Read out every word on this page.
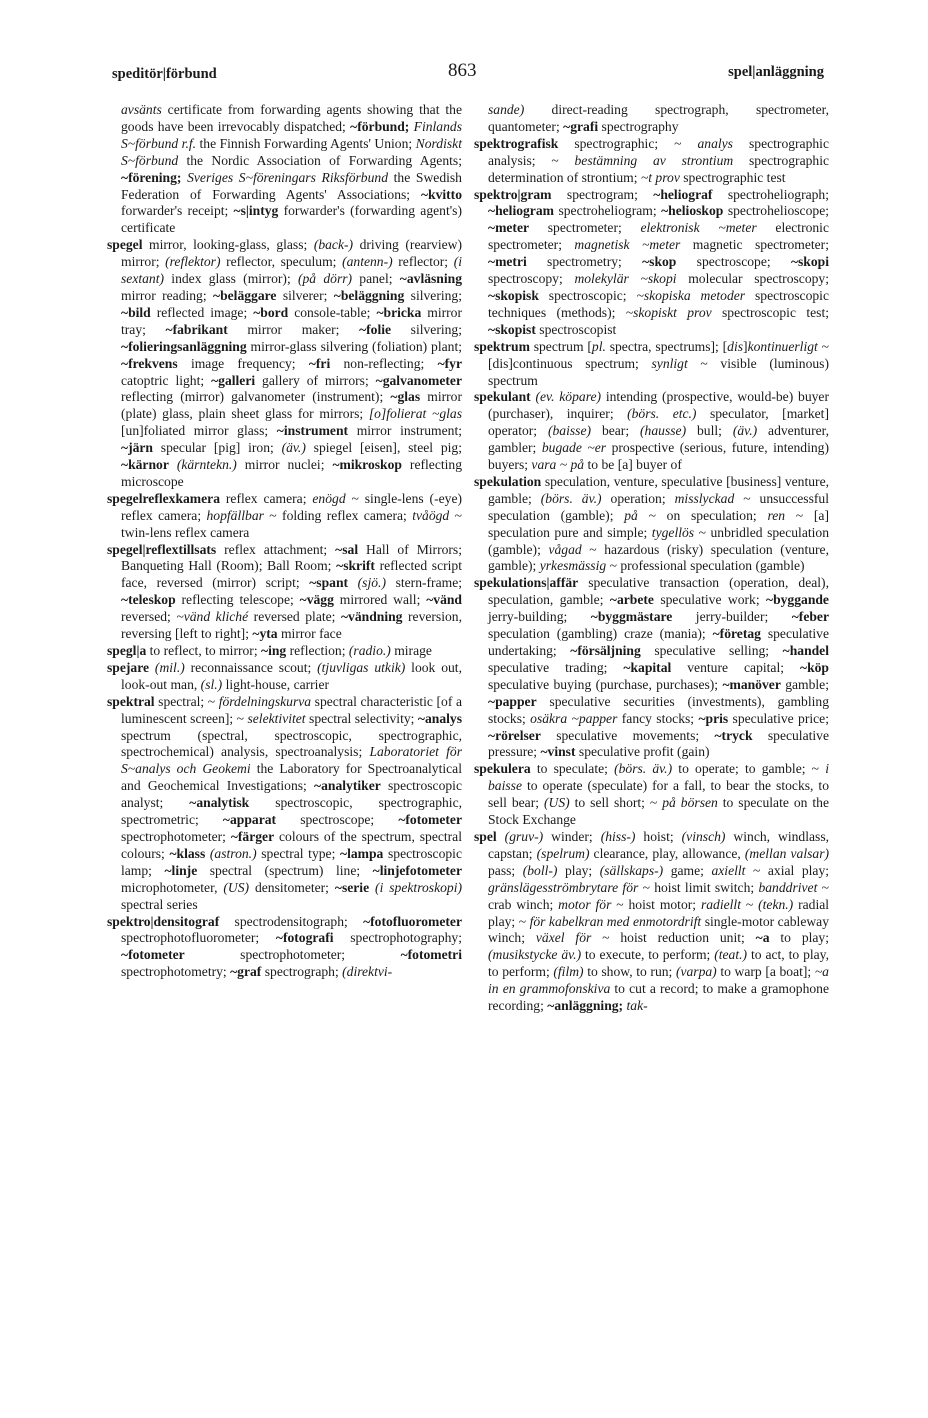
speditör|förbund	863	spel|anläggning

avsänts certificate from forwarding agents showing that the goods have been irrevocably dispatched; ~förbund; Finlands S~förbund r.f. the Finnish Forwarding Agents' Union; Nordiskt S~förbund the Nordic Association of Forwarding Agents; ~förening; Sveriges S~föreningars Riksförbund the Swedish Federation of Forwarding Agents' Associations; ~kvitto forwarder's receipt; ~s|intyg forwarder's (forwarding agent's) certificate

spegel mirror, looking-glass, glass; (back-) driving (rearview) mirror; (reflektor) reflector, speculum; (antenn-) reflector; (i sextant) index glass (mirror); (på dörr) panel; ~avläsning mirror reading; ~beläggare silverer; ~beläggning silvering; ~bild reflected image; ~bord console-table; ~bricka mirror tray; ~fabrikant mirror maker; ~folie silvering; ~folieringsanläggning mirror-glass silvering (foliation) plant; ~frekvens image frequency; ~fri non-reflecting; ~fyr catoptric light; ~galleri gallery of mirrors; ~galvanometer reflecting (mirror) galvanometer (instrument); ~glas mirror (plate) glass, plain sheet glass for mirrors; [o]folierat ~glas [un]foliated mirror glass; ~instrument mirror instrument; ~järn specular [pig] iron; (äv.) spiegel [eisen], steel pig; ~kärnor (kärntekn.) mirror nuclei; ~mikroskop reflecting microscope

spegelreflexkamera reflex camera; enögd ~ single-lens (-eye) reflex camera; hopfällbar ~ folding reflex camera; tvåögd ~ twin-lens reflex camera

spegel|reflextillsats reflex attachment; ~sal Hall of Mirrors; Banqueting Hall (Room); Ball Room; ~skrift reflected script face, reversed (mirror) script; ~spant (sjö.) stern-frame; ~teleskop reflecting telescope; ~vägg mirrored wall; ~vänd reversed; ~vänd kliché reversed plate; ~vändning reversion, reversing [left to right]; ~yta mirror face

spegl|a to reflect, to mirror; ~ing reflection; (radio.) mirage

spejare (mil.) reconnaissance scout; (tjuvligas utkik) look out, look-out man, (sl.) light-house, carrier

spektral spectral; ~ fördelningskurva spectral characteristic [of a luminescent screen]; ~ selektivitet spectral selectivity; ~analys spectrum (spectral, spectroscopic, spectrographic, spectrochemical) analysis, spectroanalysis; Laboratoriet för S~analys och Geokemi the Laboratory for Spectroanalytical and Geochemical Investigations; ~analytiker spectroscopic analyst; ~analytisk spectroscopic, spectrographic, spectrometric; ~apparat spectroscope; ~fotometer spectrophotometer; ~färger colours of the spectrum, spectral colours; ~klass (astron.) spectral type; ~lampa spectroscopic lamp; ~linje spectral (spectrum) line; ~linjefotometer microphotometer, (US) densitometer; ~serie (i spektroskopi) spectral series

spektro|densitograf spectrodensitograph; ~fotofluorometer spectrophotofluorometer; ~fotografi spectrophotography; ~fotometer spectrophotometer; ~fotometri spectrophotometry; ~graf spectrograph; (direktvi-

sande) direct-reading spectrograph, spectrometer, quantometer; ~grafi spectrography

spektrografisk spectrographic; ~ analys spectrographic analysis; ~ bestämning av strontium spectrographic determination of strontium; ~t prov spectrographic test

spektro|gram spectrogram; ~heliograf spectroheliograph; ~heliogram spectroheliogram; ~helioskop spectrohelioscope; ~meter spectrometer; elektronisk ~meter electronic spectrometer; magnetisk ~meter magnetic spectrometer; ~metri spectrometry; ~skop spectroscope; ~skopi spectroscopy; molekylär ~skopi molecular spectroscopy; ~skopisk spectroscopic; ~skopiska metoder spectroscopic techniques (methods); ~skopiskt prov spectroscopic test; ~skopist spectroscopist

spektrum spectrum [pl. spectra, spectrums]; [dis]kontinuerligt ~ [dis]continuous spectrum; synligt ~ visible (luminous) spectrum

spekulant (ev. köpare) intending (prospective, would-be) buyer (purchaser), inquirer; (börs. etc.) speculator, [market] operator; (baisse) bear; (hausse) bull; (äv.) adventurer, gambler; bugade ~er prospective (serious, future, intending) buyers; vara ~ på to be [a] buyer of

spekulation speculation, venture, speculative [business] venture, gamble; (börs. äv.) operation; misslyckad ~ unsuccessful speculation (gamble); på ~ on speculation; ren ~ [a] speculation pure and simple; tygellös ~ unbridled speculation (gamble); vågad ~ hazardous (risky) speculation (venture, gamble); yrkesmässig ~ professional speculation (gamble)

spekulations|affär speculative transaction (operation, deal), speculation, gamble; ~arbete speculative work; ~byggande jerry-building; ~byggmästare jerry-builder; ~feber speculation (gambling) craze (mania); ~företag speculative undertaking; ~försäljning speculative selling; ~handel speculative trading; ~kapital venture capital; ~köp speculative buying (purchase, purchases); ~manöver gamble; ~papper speculative securities (investments), gambling stocks; osäkra ~papper fancy stocks; ~pris speculative price; ~rörelser speculative movements; ~tryck speculative pressure; ~vinst speculative profit (gain)

spekulera to speculate; (börs. äv.) to operate; to gamble; ~ i baisse to operate (speculate) for a fall, to bear the stocks, to sell bear; (US) to sell short; ~ på börsen to speculate on the Stock Exchange

spel (gruv-) winder; (hiss-) hoist; (vinsch) winch, windlass, capstan; (spelrum) clearance, play, allowance, (mellan valsar) pass; (boll-) play; (sällskaps-) game; axiellt ~ axial play; gränslägesströmbrytare för ~ hoist limit switch; banddrivet ~ crab winch; motor för ~ hoist motor; radiellt ~ (tekn.) radial play; ~ för kabelkran med enmotordrift single-motor cableway winch; växel för ~ hoist reduction unit; ~a to play; (musikstycke äv.) to execute, to perform; (teat.) to act, to play, to perform; (film) to show, to run; (varpa) to warp [a boat]; ~a in en grammofonskiva to cut a record; to make a gramophone recording; ~anläggning; tak-
